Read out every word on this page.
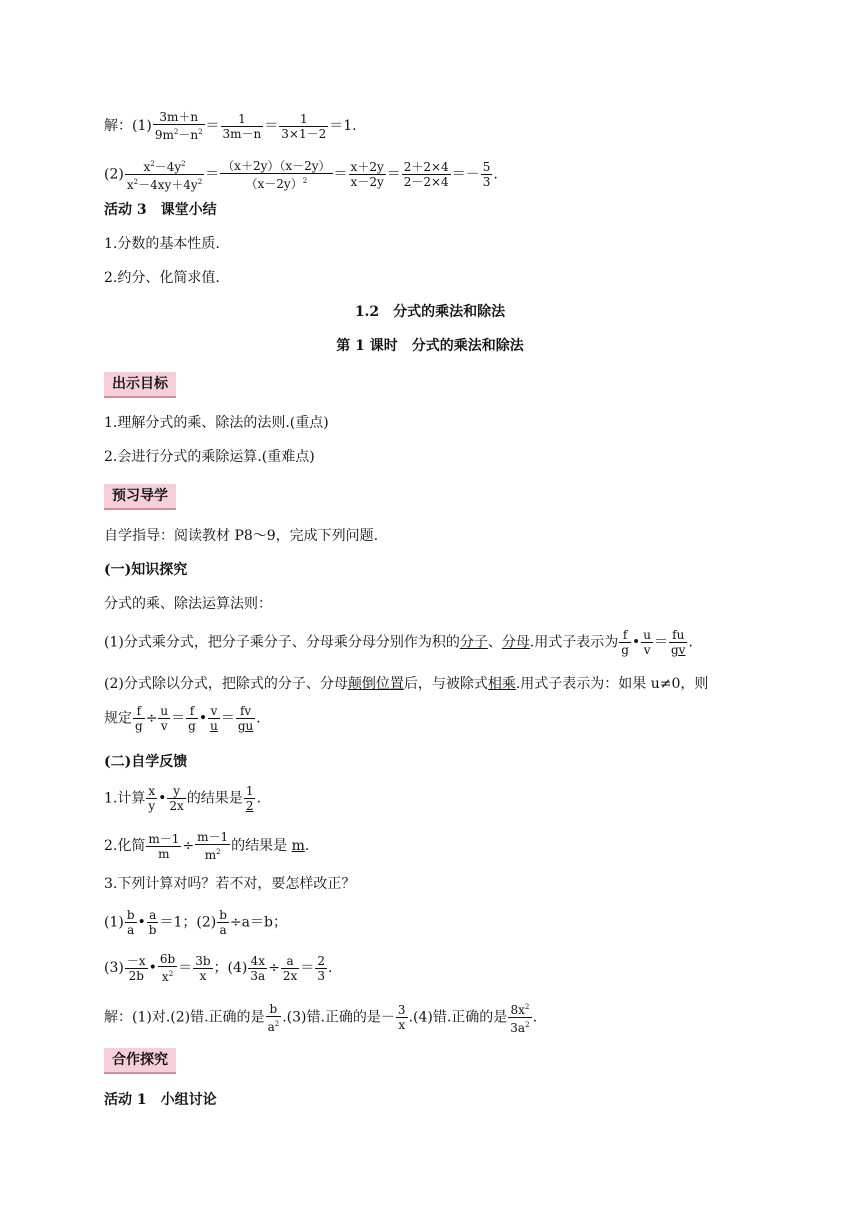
解：$(1) \frac{3m+n}{9m^2-n^2} = \frac{1}{3m-n} = \frac{1}{3\times 1-2} =1$.
$(2) \frac{x^2-4y^2}{x^2-4xy+4y^2} = \frac{(x+2y)(x-2y)}{(x-2y)^2} = \frac{x+2y}{x-2y} = \frac{2+2\times 4}{2-2\times 4} =- \frac{5}{3}$ .
活动 3　课堂小结
1.分数的基本性质.
2.约分、化简求值.
1.2　分式的乘法和除法
第 1 课时　分式的乘法和除法
出示目标
1.理解分式的乘、除法的法则.(重点)
2.会进行分式的乘除运算.(重难点)
预习导学
自学指导：阅读教材 P8～9，完成下列问题.
(一)知识探究
分式的乘、除法运算法则：
(1)分式乘分式，把分子乘分子、分母乘分母分别作为积的分子、分母.用式子表示为 $\frac{f}{g}$ • $\frac{u}{v} = \frac{fu}{gv}$ .
(2)分式除以分式，把除式的分子、分母颠倒位置后，与被除式相乘.用式子表示为：如果 u≠0，则
规定 $\frac{f}{g} \div \frac{u}{v} = \frac{f}{g}$ • $\frac{v}{u} = \frac{fv}{gu}$ .
(二)自学反馈
1.计算 $\frac{x}{y}$ • $\frac{y}{2x}$ 的结果是 $\frac{1}{2}$ .
2.化简 $\frac{m-1}{m} \div \frac{m-1}{m^2}$ 的结果是 m.
3.下列计算对吗？若不对，要怎样改正？
$(1) \frac{b}{a}$ • $\frac{a}{b} =1$；$(2) \frac{b}{a} \div a=b$；
$(3) \frac{-x}{2b}$ • $\frac{6b}{x^2} = \frac{3b}{x}$ ；$(4) \frac{4x}{3a} \div \frac{a}{2x} = \frac{2}{3}$ .
解：(1)对.(2)错.正确的是 $\frac{b}{a^2} .(3)$错.正确的是－ $\frac{3}{x} .(4)$错.正确的是 $\frac{8x^2}{3a^2}$ .
合作探究
活动 1　小组讨论
